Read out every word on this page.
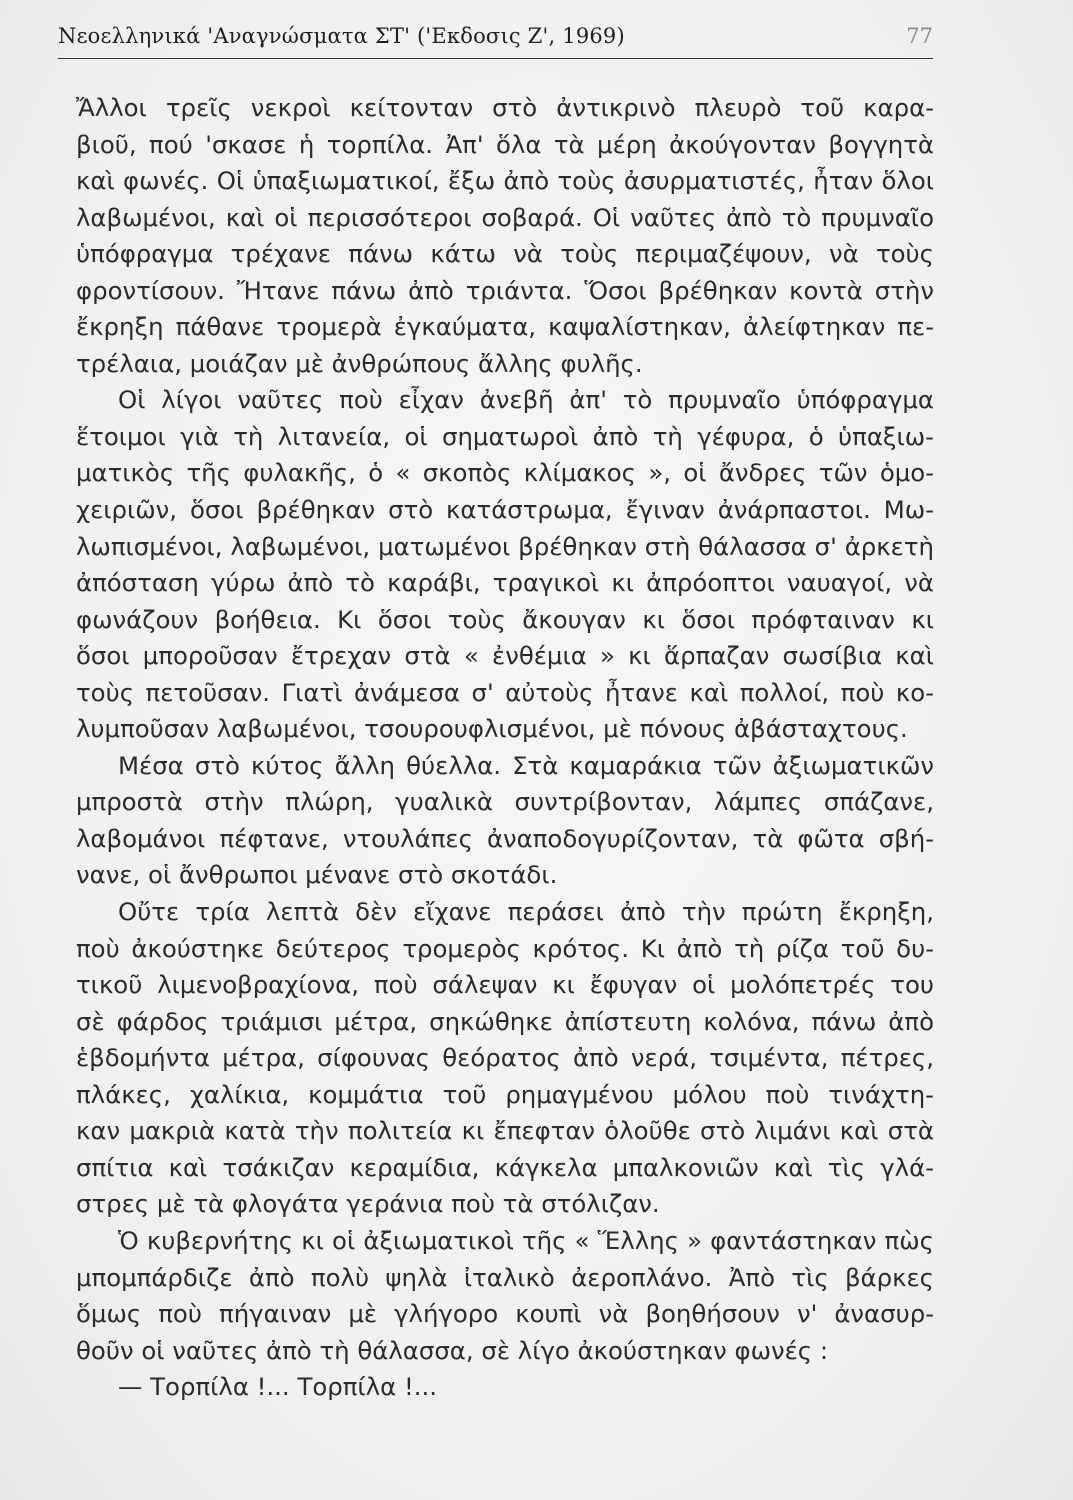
Νεοελληνικά 'Αναγνώσματα ΣΤ' ('Εκδοσις Ζ', 1969)	77
Ἄλλοι τρεῖς νεκροὶ κείτονταν στὸ ἀντικρινὸ πλευρὸ τοῦ καρα-
βιοῦ, πού 'σκασε ἡ τορπίλα. Ἀπ' ὅλα τὰ μέρη ἀκούγονταν βογγητὰ
καὶ φωνές. Οἱ ὑπαξιωματικοί, ἔξω ἀπὸ τοὺς ἀσυρματιστές, ἦταν ὅλοι
λαβωμένοι, καὶ οἱ περισσότεροι σοβαρά. Οἱ ναῦτες ἀπὸ τὸ πρυμναῖο
ὑπόφραγμα τρέχανε πάνω κάτω νὰ τοὺς περιμαζέψουν, νὰ τοὺς
φροντίσουν. Ἤτανε πάνω ἀπὸ τριάντα. Ὅσοι βρέθηκαν κοντὰ στὴν
ἔκρηξη πάθανε τρομερὰ ἐγκαύματα, καψαλίστηκαν, ἀλείφτηκαν πε-
τρέλαια, μοιάζαν μὲ ἀνθρώπους ἄλλης φυλῆς.
Οἱ λίγοι ναῦτες ποὺ εἶχαν ἀνεβῆ ἀπ' τὸ πρυμναῖο ὑπόφραγμα
ἕτοιμοι γιὰ τὴ λιτανεία, οἱ σηματωροὶ ἀπὸ τὴ γέφυρα, ὁ ὑπαξιω-
ματικὸς τῆς φυλακῆς, ὁ « σκοπὸς κλίμακος », οἱ ἄνδρες τῶν ὁμο-
χειριῶν, ὅσοι βρέθηκαν στὸ κατάστρωμα, ἔγιναν ἀνάρπαστοι. Μω-
λωπισμένοι, λαβωμένοι, ματωμένοι βρέθηκαν στὴ θάλασσα σ' ἀρκετὴ
ἀπόσταση γύρω ἀπὸ τὸ καράβι, τραγικοὶ κι ἀπρόοπτοι ναυαγοί, νὰ
φωνάζουν βοήθεια. Κι ὅσοι τοὺς ἄκουγαν κι ὅσοι πρόφταιναν κι
ὅσοι μποροῦσαν ἔτρεχαν στὰ « ἐνθέμια » κι ἅρπαζαν σωσίβια καὶ
τοὺς πετοῦσαν. Γιατὶ ἀνάμεσα σ' αὐτοὺς ἦτανε καὶ πολλοί, ποὺ κο-
λυμποῦσαν λαβωμένοι, τσουρουφλισμένοι, μὲ πόνους ἀβάσταχτους.
Μέσα στὸ κύτος ἄλλη θύελλα. Στὰ καμαράκια τῶν ἀξιωματικῶν
μπροστὰ στὴν πλώρη, γυαλικὰ συντρίβονταν, λάμπες σπάζανε,
λαβομάνοι πέφτανε, ντουλάπες ἀναποδογυρίζονταν, τὰ φῶτα σβή-
νανε, οἱ ἄνθρωποι μένανε στὸ σκοτάδι.
Οὔτε τρία λεπτὰ δὲν εἴχανε περάσει ἀπὸ τὴν πρώτη ἔκρηξη,
ποὺ ἀκούστηκε δεύτερος τρομερὸς κρότος. Κι ἀπὸ τὴ ρίζα τοῦ δυ-
τικοῦ λιμενοβραχίονα, ποὺ σάλεψαν κι ἔφυγαν οἱ μολόπετρές του
σὲ φάρδος τριάμισι μέτρα, σηκώθηκε ἀπίστευτη κολόνα, πάνω ἀπὸ
ἑβδομήντα μέτρα, σίφουνας θεόρατος ἀπὸ νερά, τσιμέντα, πέτρες,
πλάκες, χαλίκια, κομμάτια τοῦ ρημαγμένου μόλου ποὺ τινάχτη-
καν μακριὰ κατὰ τὴν πολιτεία κι ἔπεφταν ὁλοῦθε στὸ λιμάνι καὶ στὰ
σπίτια καὶ τσάκιζαν κεραμίδια, κάγκελα μπαλκονιῶν καὶ τὶς γλά-
στρες μὲ τὰ φλογάτα γεράνια ποὺ τὰ στόλιζαν.
Ὁ κυβερνήτης κι οἱ ἀξιωματικοὶ τῆς « Ἕλλης » φαντάστηκαν πὼς
μπομπάρδιζε ἀπὸ πολὺ ψηλὰ ἰταλικὸ ἀεροπλάνο. Ἀπὸ τὶς βάρκες
ὅμως ποὺ πήγαιναν μὲ γλήγορο κουπὶ νὰ βοηθήσουν ν' ἀνασυρ-
θοῦν οἱ ναῦτες ἀπὸ τὴ θάλασσα, σὲ λίγο ἀκούστηκαν φωνές :
— Τορπίλα !... Τορπίλα !...
